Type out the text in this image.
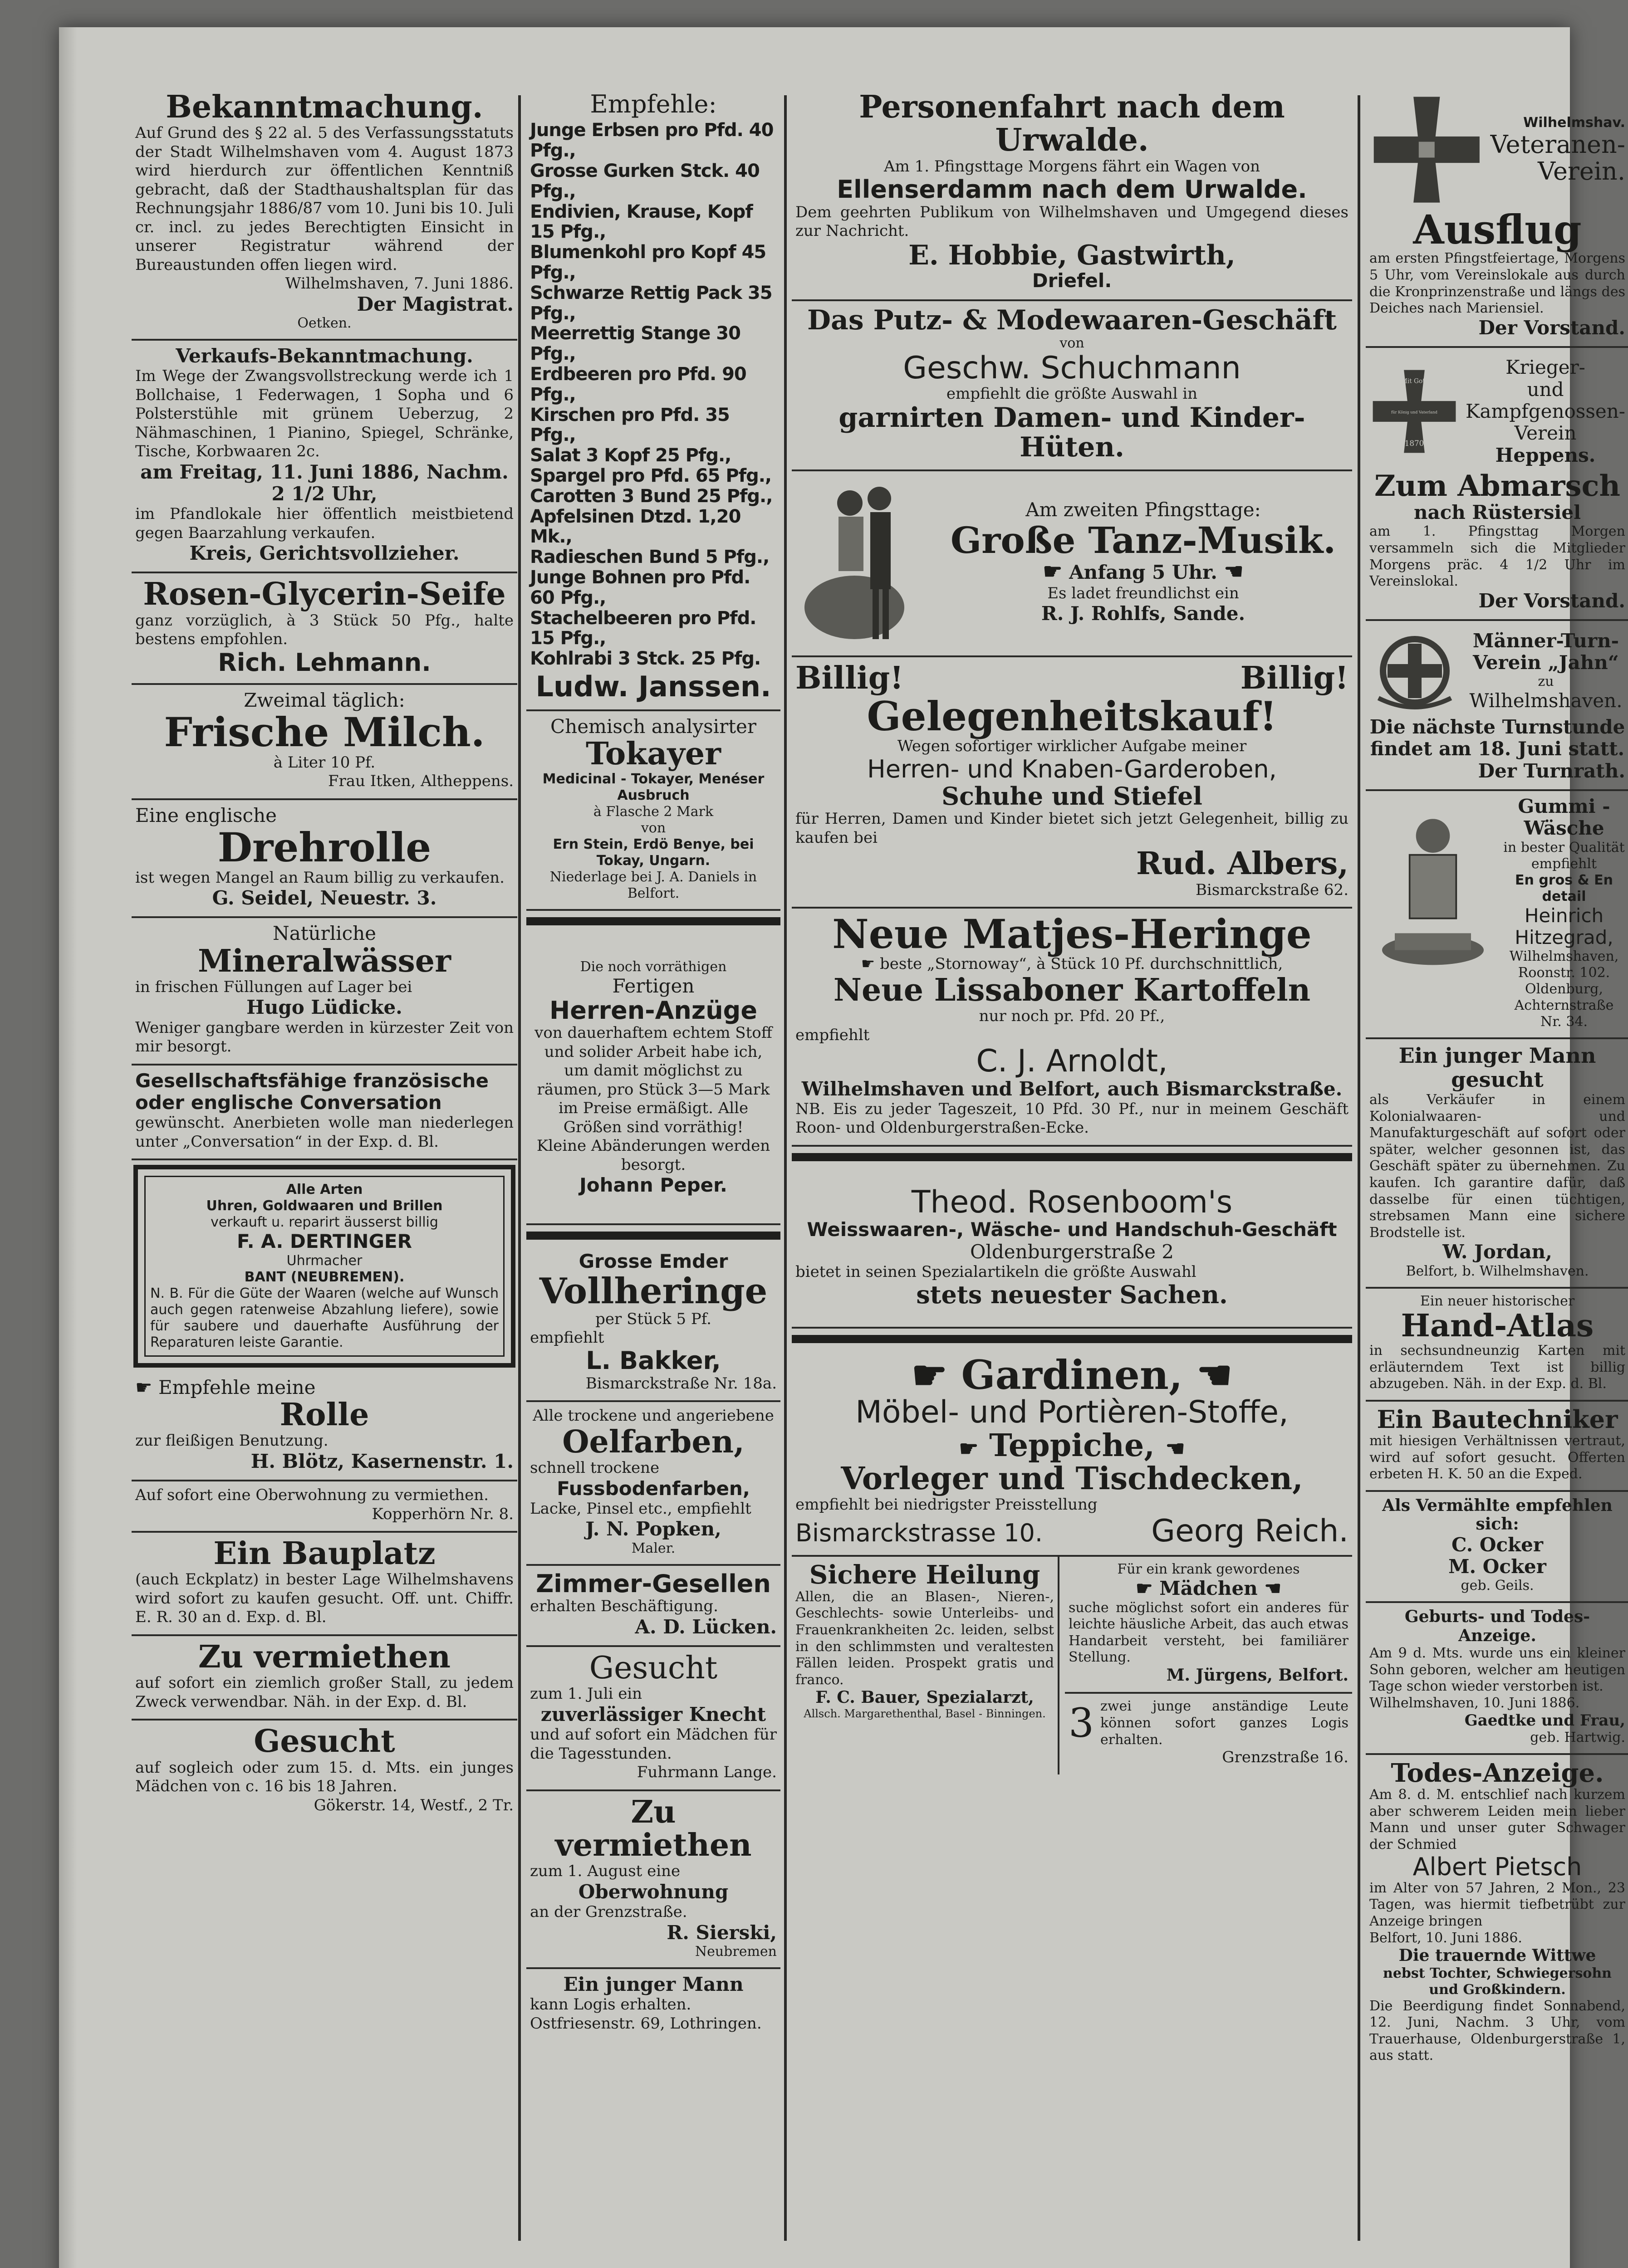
Bekanntmachung.

Auf Grund des § 22 al. 5 des Verfassungsstatuts der Stadt Wilhelmshaven vom 4. August 1873 wird hierdurch zur öffentlichen Kenntniß gebracht, daß der Stadthaushaltsplan für das Rechnungsjahr 1886/87 vom 10. Juni bis 10. Juli cr. incl. zu jedes Berechtigten Einsicht in unserer Registratur während der Bureaustunden offen liegen wird.

Wilhelmshaven, 7. Juni 1886.

Der Magistrat.

Oetken.

Verkaufs-Bekanntmachung.

Im Wege der Zwangsvollstreckung werde ich 1 Bollchaise, 1 Federwagen, 1 Sopha und 6 Polsterstühle mit grünem Ueberzug, 2 Nähmaschinen, 1 Pianino, Spiegel, Schränke, Tische, Korbwaaren 2c.

am Freitag, 11. Juni 1886, Nachm. 2 1/2 Uhr,

im Pfandlokale hier öffentlich meistbietend gegen Baarzahlung verkaufen.

Kreis, Gerichtsvollzieher.

Rosen-Glycerin-Seife

ganz vorzüglich, à 3 Stück 50 Pfg., halte bestens empfohlen.

Rich. Lehmann.

Zweimal täglich:

Frische Milch.

à Liter 10 Pf.

Frau Itken, Altheppens.

Eine englische

Drehrolle

ist wegen Mangel an Raum billig zu verkaufen.

G. Seidel, Neuestr. 3.

Natürliche

Mineralwässer

in frischen Füllungen auf Lager bei

Hugo Lüdicke.

Weniger gangbare werden in kürzester Zeit von mir besorgt.

Gesellschaftsfähige französische oder englische Conversation

gewünscht. Anerbieten wolle man niederlegen unter „Conversation“ in der Exp. d. Bl.

Alle Arten

Uhren, Goldwaaren und Brillen

verkauft u. reparirt äusserst billig

F. A. DERTINGER

Uhrmacher

BANT (NEUBREMEN).

N. B. Für die Güte der Waaren (welche auf Wunsch auch gegen ratenweise Abzahlung liefere), sowie für saubere und dauerhafte Ausführung der Reparaturen leiste Garantie.

☛ Empfehle meine

Rolle

zur fleißigen Benutzung.

H. Blötz, Kasernenstr. 1.

Auf sofort eine Oberwohnung zu vermiethen.

Kopperhörn Nr. 8.

Ein Bauplatz

(auch Eckplatz) in bester Lage Wilhelmshavens wird sofort zu kaufen gesucht. Off. unt. Chiffr. E. R. 30 an d. Exp. d. Bl.

Zu vermiethen

auf sofort ein ziemlich großer Stall, zu jedem Zweck verwendbar. Näh. in der Exp. d. Bl.

Gesucht

auf sogleich oder zum 15. d. Mts. ein junges Mädchen von c. 16 bis 18 Jahren.

Gökerstr. 14, Westf., 2 Tr.

Empfehle:

Junge Erbsen pro Pfd. 40 Pfg.,
Grosse Gurken Stck. 40 Pfg.,
Endivien, Krause, Kopf 15 Pfg.,
Blumenkohl pro Kopf 45 Pfg.,
Schwarze Rettig Pack 35 Pfg.,
Meerrettig Stange 30 Pfg.,
Erdbeeren pro Pfd. 90 Pfg.,
Kirschen pro Pfd. 35 Pfg.,
Salat 3 Kopf 25 Pfg.,
Spargel pro Pfd. 65 Pfg.,
Carotten 3 Bund 25 Pfg.,
Apfelsinen Dtzd. 1,20 Mk.,
Radieschen Bund 5 Pfg.,
Junge Bohnen pro Pfd. 60 Pfg.,
Stachelbeeren pro Pfd. 15 Pfg.,
Kohlrabi 3 Stck. 25 Pfg.

Ludw. Janssen.

Chemisch analysirter

Tokayer

Medicinal - Tokayer, Menéser Ausbruch

à Flasche 2 Mark

von

Ern Stein, Erdö Benye, bei Tokay, Ungarn.

Niederlage bei J. A. Daniels in Belfort.

Die noch vorräthigen

Fertigen

Herren-Anzüge

von dauerhaftem echtem Stoff und solider Arbeit habe ich, um damit möglichst zu räumen, pro Stück 3—5 Mark im Preise ermäßigt. Alle Größen sind vorräthig!

Kleine Abänderungen werden besorgt.

Johann Peper.

Grosse Emder

Vollheringe

per Stück 5 Pf.

empfiehlt

L. Bakker,

Bismarckstraße Nr. 18a.

Alle trockene und angeriebene

Oelfarben,

schnell trockene

Fussbodenfarben,

Lacke, Pinsel etc., empfiehlt

J. N. Popken,

Maler.

Zimmer-Gesellen

erhalten Beschäftigung.

A. D. Lücken.

Gesucht

zum 1. Juli ein

zuverlässiger Knecht

und auf sofort ein Mädchen für die Tagesstunden.

Fuhrmann Lange.

Zu vermiethen

zum 1. August eine

Oberwohnung

an der Grenzstraße.

R. Sierski,

Neubremen

Ein junger Mann

kann Logis erhalten.

Ostfriesenstr. 69, Lothringen.

Personenfahrt nach dem Urwalde.

Am 1. Pfingsttage Morgens fährt ein Wagen von

Ellenserdamm nach dem Urwalde.

Dem geehrten Publikum von Wilhelmshaven und Umgegend dieses zur Nachricht.

E. Hobbie, Gastwirth,

Driefel.

Das Putz- & Modewaaren-Geschäft

von

Geschw. Schuchmann

empfiehlt die größte Auswahl in

garnirten Damen- und Kinder-Hüten.

Am zweiten Pfingsttage:

Große Tanz-Musik.

☛ Anfang 5 Uhr. ☚

Es ladet freundlichst ein

R. J. Rohlfs, Sande.

Billig!	Billig!

Gelegenheitskauf!

Wegen sofortiger wirklicher Aufgabe meiner

Herren- und Knaben-Garderoben,

Schuhe und Stiefel

für Herren, Damen und Kinder bietet sich jetzt Gelegenheit, billig zu kaufen bei

Rud. Albers,

Bismarckstraße 62.

Neue Matjes-Heringe

☛ beste „Stornoway“, à Stück 10 Pf. durchschnittlich,

Neue Lissaboner Kartoffeln

nur noch pr. Pfd. 20 Pf.,

empfiehlt

C. J. Arnoldt,

Wilhelmshaven und Belfort, auch Bismarckstraße.

NB. Eis zu jeder Tageszeit, 10 Pfd. 30 Pf., nur in meinem Geschäft Roon- und Oldenburgerstraßen-Ecke.

Theod. Rosenboom's

Weisswaaren-, Wäsche- und Handschuh-Geschäft

Oldenburgerstraße 2

bietet in seinen Spezialartikeln die größte Auswahl

stets neuester Sachen.

☛ Gardinen, ☚

Möbel- und Portièren-Stoffe,

☛ Teppiche, ☚

Vorleger und Tischdecken,

empfiehlt bei niedrigster Preisstellung

Bismarckstrasse 10.	Georg Reich.

Sichere Heilung

Allen, die an Blasen-, Nieren-, Geschlechts- sowie Unterleibs- und Frauenkrankheiten 2c. leiden, selbst in den schlimmsten und veraltesten Fällen leiden. Prospekt gratis und franco.

F. C. Bauer, Spezialarzt,

Allsch. Margarethenthal, Basel - Binningen.

Für ein krank gewordenes

☛ Mädchen ☚

suche möglichst sofort ein anderes für leichte häusliche Arbeit, das auch etwas Handarbeit versteht, bei familiärer Stellung.

M. Jürgens, Belfort.

3 zwei junge anständige Leute können sofort ganzes Logis erhalten.

Grenzstraße 16.

Wilhelmshav.

Veteranen-

Verein.

Ausflug

am ersten Pfingstfeiertage, Morgens 5 Uhr, vom Vereinslokale aus durch die Kronprinzenstraße und längs des Deiches nach Mariensiel.

Der Vorstand.

Mit Gott
für König und Vaterland
1870

Krieger-

und

Kampfgenossen-

Verein

Heppens.

Zum Abmarsch

nach Rüstersiel

am 1. Pfingsttag Morgen versammeln sich die Mitglieder Morgens präc. 4 1/2 Uhr im Vereinslokal.

Der Vorstand.

Männer-Turn-

Verein „Jahn“

zu

Wilhelmshaven.

Die nächste Turnstunde findet am 18. Juni statt.

Der Turnrath.

Gummi - Wäsche

in bester Qualität

empfiehlt

En gros & En detail

Heinrich

Hitzegrad,

Wilhelmshaven,

Roonstr. 102.

Oldenburg,

Achternstraße Nr. 34.

Ein junger Mann gesucht

als Verkäufer in einem Kolonialwaaren- und Manufakturgeschäft auf sofort oder später, welcher gesonnen ist, das Geschäft später zu übernehmen. Zu kaufen. Ich garantire dafür, daß dasselbe für einen tüchtigen, strebsamen Mann eine sichere Brodstelle ist.

W. Jordan,

Belfort, b. Wilhelmshaven.

Ein neuer historischer

Hand-Atlas

in sechsundneunzig Karten mit erläuterndem Text ist billig abzugeben. Näh. in der Exp. d. Bl.

Ein Bautechniker

mit hiesigen Verhältnissen vertraut, wird auf sofort gesucht. Offerten erbeten H. K. 50 an die Exped.

Als Vermählte empfehlen sich:

C. Ocker

M. Ocker

geb. Geils.

Geburts- und Todes-Anzeige.

Am 9 d. Mts. wurde uns ein kleiner Sohn geboren, welcher am heutigen Tage schon wieder verstorben ist.

Wilhelmshaven, 10. Juni 1886.

Gaedtke und Frau,

geb. Hartwig.

Todes-Anzeige.

Am 8. d. M. entschlief nach kurzem aber schwerem Leiden mein lieber Mann und unser guter Schwager der Schmied

Albert Pietsch

im Alter von 57 Jahren, 2 Mon., 23 Tagen, was hiermit tiefbetrübt zur Anzeige bringen

Belfort, 10. Juni 1886.

Die trauernde Wittwe

nebst Tochter, Schwiegersohn und Großkindern.

Die Beerdigung findet Sonnabend, 12. Juni, Nachm. 3 Uhr, vom Trauerhause, Oldenburgerstraße 1, aus statt.
